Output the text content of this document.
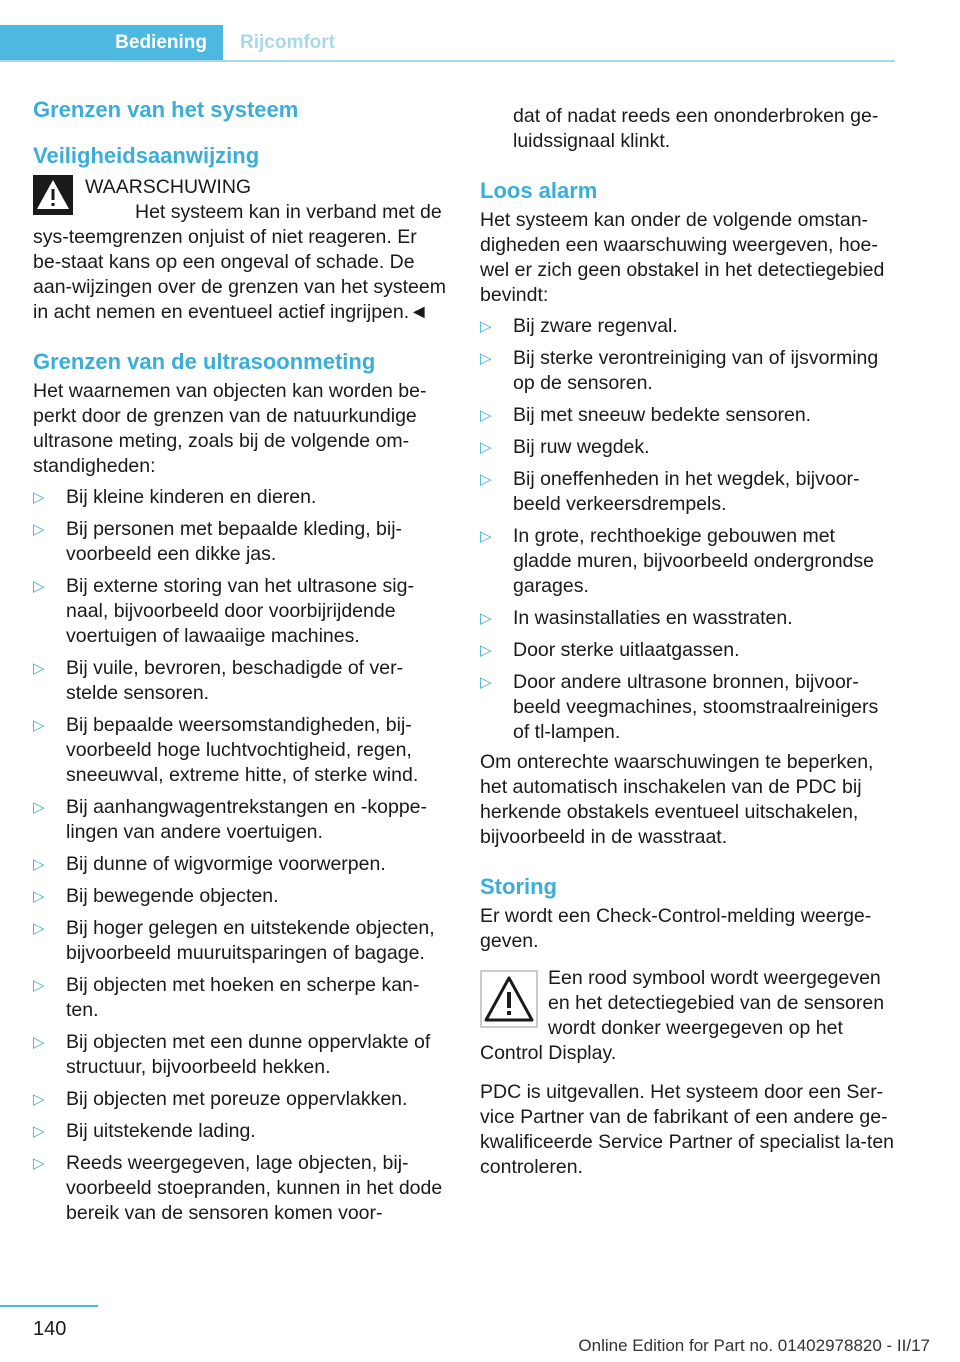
Bediening	Rijcomfort
Grenzen van het systeem
Veiligheidsaanwijzing

WAARSCHUWING

Het systeem kan in verband met de sys-teemgrenzen onjuist of niet reageren. Er be-staat kans op een ongeval of schade. De aan-wijzingen over de grenzen van het systeem in acht nemen en eventueel actief ingrijpen.◄

Grenzen van de ultrasoonmeting

Het waarnemen van objecten kan worden be-perkt door de grenzen van de natuurkundige ultrasone meting, zoals bij de volgende om-standigheden:

▷ Bij kleine kinderen en dieren.
▷ Bij personen met bepaalde kleding, bij-voorbeeld een dikke jas.
▷ Bij externe storing van het ultrasone sig-naal, bijvoorbeeld door voorbijrijdende voertuigen of lawaaiige machines.
▷ Bij vuile, bevroren, beschadigde of ver-stelde sensoren.
▷ Bij bepaalde weersomstandigheden, bij-voorbeeld hoge luchtvochtigheid, regen, sneeuwval, extreme hitte, of sterke wind.
▷ Bij aanhangwagentrekstangen en -koppe-lingen van andere voertuigen.
▷ Bij dunne of wigvormige voorwerpen.
▷ Bij bewegende objecten.
▷ Bij hoger gelegen en uitstekende objecten, bijvoorbeeld muuruitsparingen of bagage.
▷ Bij objecten met hoeken en scherpe kan-ten.
▷ Bij objecten met een dunne oppervlakte of structuur, bijvoorbeeld hekken.
▷ Bij objecten met poreuze oppervlakken.
▷ Bij uitstekende lading.
▷ Reeds weergegeven, lage objecten, bij-voorbeeld stoepranden, kunnen in het dode bereik van de sensoren komen voor-

dat of nadat reeds een ononderbroken ge-luidssignaal klinkt.

Loos alarm

Het systeem kan onder de volgende omstan-digheden een waarschuwing weergeven, hoe-wel er zich geen obstakel in het detectiegebied bevindt:

▷ Bij zware regenval.
▷ Bij sterke verontreiniging van of ijsvorming op de sensoren.
▷ Bij met sneeuw bedekte sensoren.
▷ Bij ruw wegdek.
▷ Bij oneffenheden in het wegdek, bijvoor-beeld verkeersdrempels.
▷ In grote, rechthoekige gebouwen met gladde muren, bijvoorbeeld ondergrondse garages.
▷ In wasinstallaties en wasstraten.
▷ Door sterke uitlaatgassen.
▷ Door andere ultrasone bronnen, bijvoor-beeld veegmachines, stoomstraalreinigers of tl-lampen.

Om onterechte waarschuwingen te beperken, het automatisch inschakelen van de PDC bij herkende obstakels eventueel uitschakelen, bijvoorbeeld in de wasstraat.

Storing

Er wordt een Check-Control-melding weerge-geven.

Een rood symbool wordt weergegeven en het detectiegebied van de sensoren wordt donker weergegeven op het Control Display.

PDC is uitgevallen. Het systeem door een Ser-vice Partner van de fabrikant of een andere ge-kwalificeerde Service Partner of specialist la-ten controleren.

140
Online Edition for Part no. 01402978820 - II/17
